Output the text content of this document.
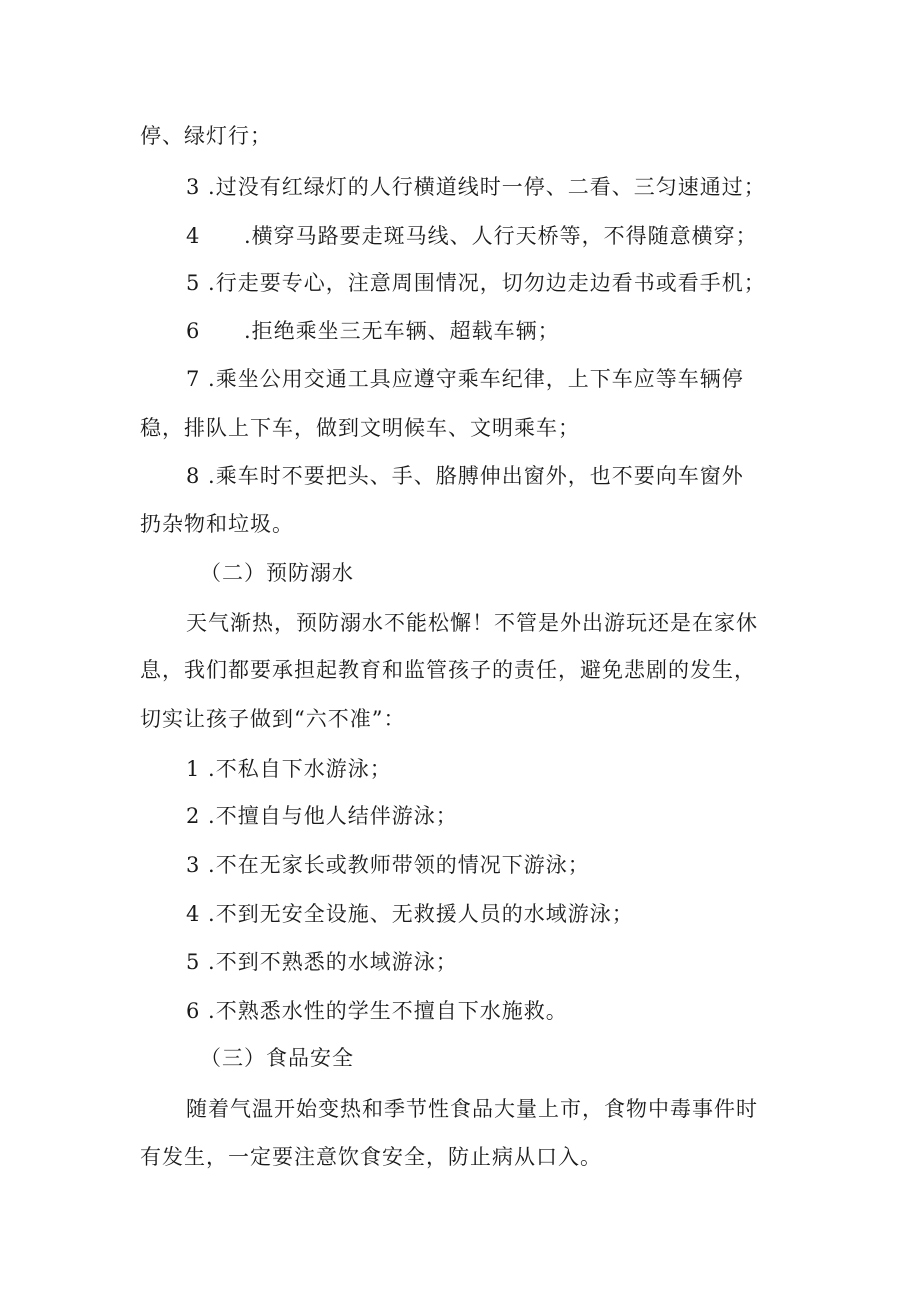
停、绿灯行；
3 .过没有红绿灯的人行横道线时一停、二看、三匀速通过；
4	.横穿马路要走斑马线、人行天桥等，不得随意横穿；
5 .行走要专心，注意周围情况，切勿边走边看书或看手机；
6	.拒绝乘坐三无车辆、超载车辆；
7 .乘坐公用交通工具应遵守乘车纪律，上下车应等车辆停
稳，排队上下车，做到文明候车、文明乘车；
8 .乘车时不要把头、手、胳膊伸出窗外，也不要向车窗外
扔杂物和垃圾。
（二）预防溺水
天气渐热，预防溺水不能松懈！不管是外出游玩还是在家休
息，我们都要承担起教育和监管孩子的责任，避免悲剧的发生，
切实让孩子做到“六不准”：
1 .不私自下水游泳；
2 .不擅自与他人结伴游泳；
3 .不在无家长或教师带领的情况下游泳；
4 .不到无安全设施、无救援人员的水域游泳；
5 .不到不熟悉的水域游泳；
6 .不熟悉水性的学生不擅自下水施救。
（三）食品安全
随着气温开始变热和季节性食品大量上市，食物中毒事件时
有发生，一定要注意饮食安全，防止病从口入。
